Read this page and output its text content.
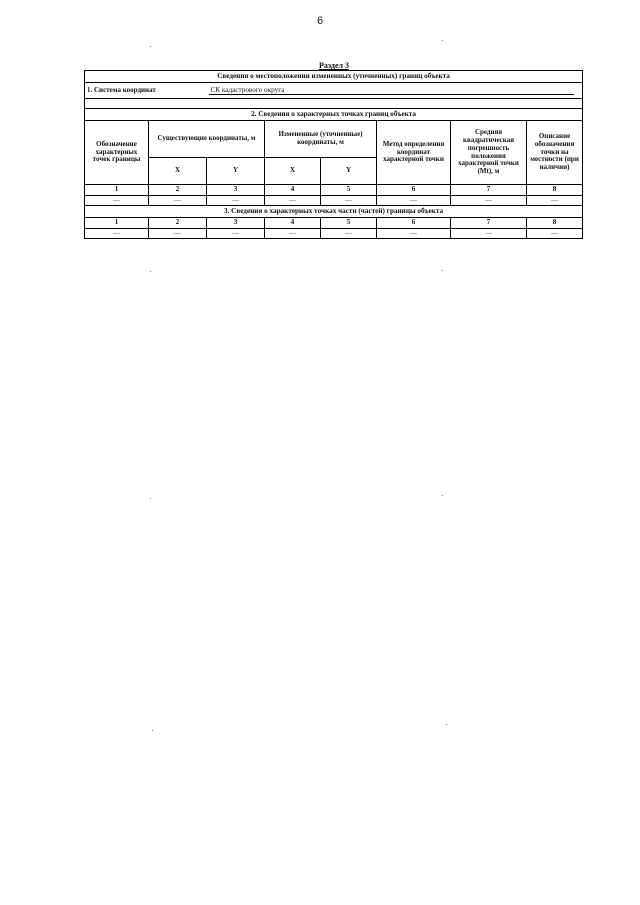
6
Раздел 3
Сведения о местоположении измененных (уточненных) границ объекта							
1. Система координат		СК кадастрового округа					

2. Сведения о характерных точках границ объекта							
Обозначение характерных точек границы	Существующие координаты, м		Измененные (уточненные) координаты, м		Метод определения координат характерной точки	Средняя квадратическая погрешность положения характерной точки (Mt), м	Описание обозначения точки на местности (при наличии)
	X	Y	X	Y			
1	2	3	4	5	6	7	8
—	—	—	—	—	—	—	—
3. Сведения о характерных точках части (частей) границы объекта							
1	2	3	4	5	6	7	8
—	—	—	—	—	—	—	—
